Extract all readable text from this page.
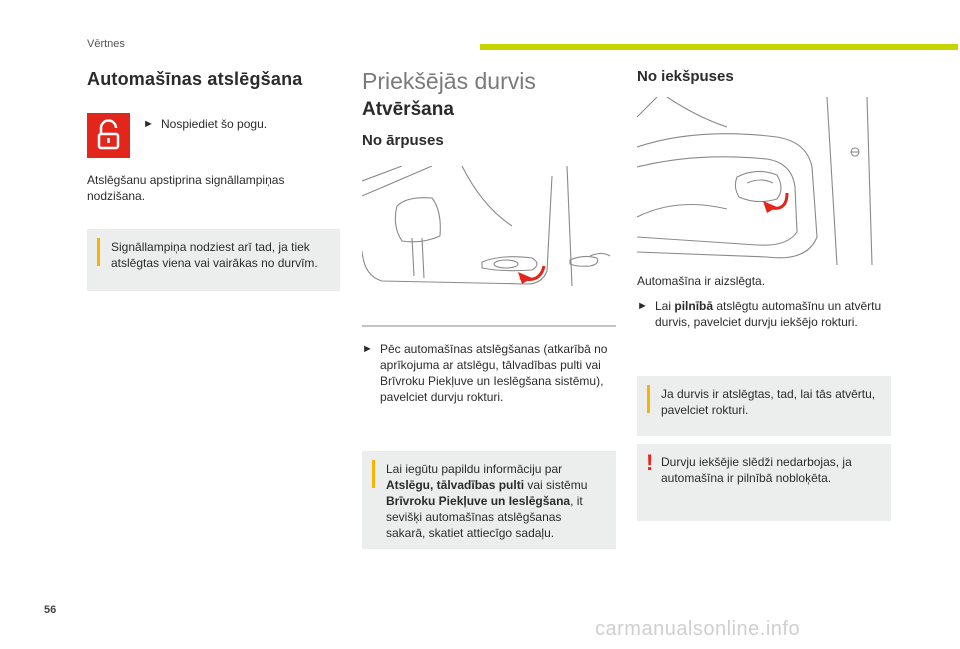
Vērtnes
Automašīnas atslēgšana
► Nospiediet šo pogu.
Atslēgšanu apstiprina signāllampiņas nodzišana.
Signāllampiņa nodziest arī tad, ja tiek atslēgtas viena vai vairākas no durvīm.
Priekšējās durvis
Atvēršana
No ārpuses
► Pēc automašīnas atslēgšanas (atkarībā no aprīkojuma ar atslēgu, tālvadības pulti vai Brīvroku Piekļuve un Ieslēgšana sistēmu), pavelciet durvju rokturi.
Lai iegūtu papildu informāciju par Atslēgu, tālvadības pulti vai sistēmu Brīvroku Piekļuve un Ieslēgšana, it sevišķi automašīnas atslēgšanas sakarā, skatiet attiecīgo sadaļu.
No iekšpuses
Automašīna ir aizslēgta.
► Lai pilnībā atslēgtu automašīnu un atvērtu durvis, pavelciet durvju iekšējo rokturi.
Ja durvis ir atslēgtas, tad, lai tās atvērtu, pavelciet rokturi.
! Durvju iekšējie slēdži nedarbojas, ja automašīna ir pilnībā nobloķēta.
56
carmanualsonline.info
